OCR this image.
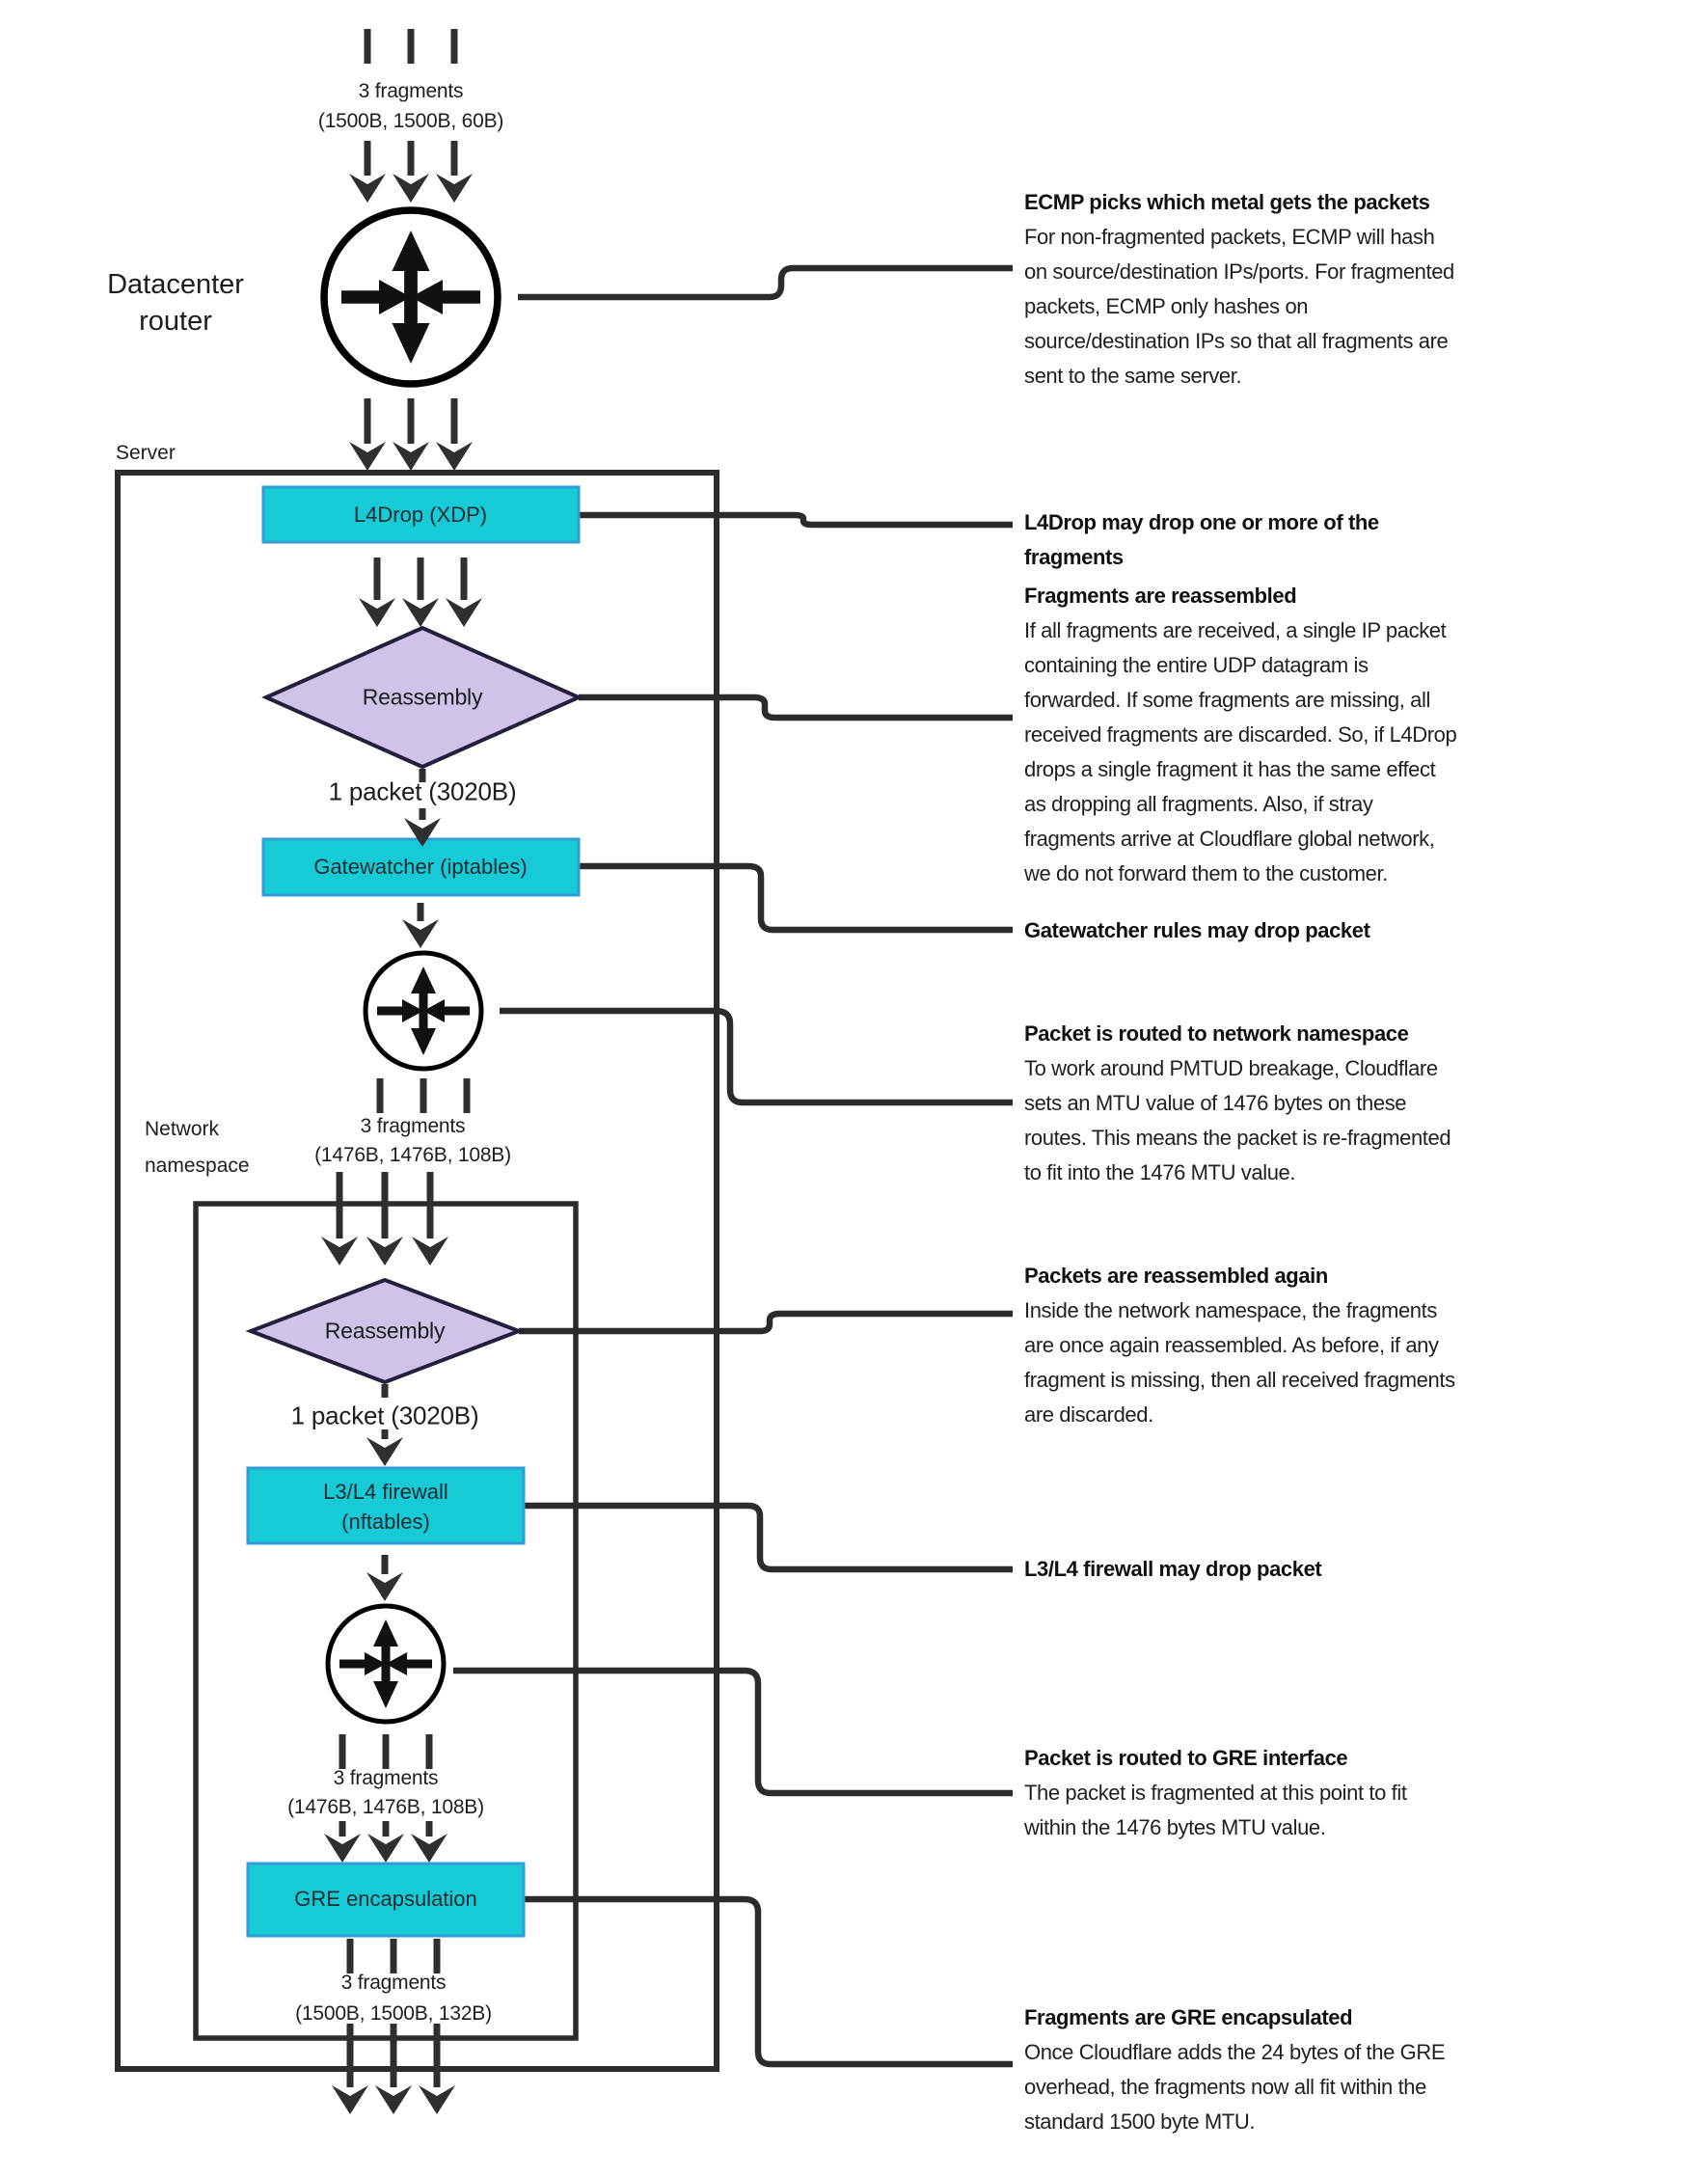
3 fragments
(1500B, 1500B, 60B)
Datacenter router
Server
L4Drop (XDP)
Reassembly
1 packet (3020B)
Gatewatcher (iptables)
3 fragments
(1476B, 1476B, 108B)
Network namespace
Reassembly
1 packet (3020B)
L3/L4 firewall (nftables)
3 fragments
(1476B, 1476B, 108B)
GRE encapsulation
3 fragments
(1500B, 1500B, 132B)
ECMP picks which metal gets the packets
For non-fragmented packets, ECMP will hash on source/destination IPs/ports. For fragmented packets, ECMP only hashes on source/destination IPs so that all fragments are sent to the same server.
L4Drop may drop one or more of the fragments
Fragments are reassembled
If all fragments are received, a single IP packet containing the entire UDP datagram is forwarded. If some fragments are missing, all received fragments are discarded. So, if L4Drop drops a single fragment it has the same effect as dropping all fragments. Also, if stray fragments arrive at Cloudflare global network, we do not forward them to the customer.
Gatewatcher rules may drop packet
Packet is routed to network namespace
To work around PMTUD breakage, Cloudflare sets an MTU value of 1476 bytes on these routes. This means the packet is re-fragmented to fit into the 1476 MTU value.
Packets are reassembled again
Inside the network namespace, the fragments are once again reassembled. As before, if any fragment is missing, then all received fragments are discarded.
L3/L4 firewall may drop packet
Packet is routed to GRE interface
The packet is fragmented at this point to fit within the 1476 bytes MTU value.
Fragments are GRE encapsulated
Once Cloudflare adds the 24 bytes of the GRE overhead, the fragments now all fit within the standard 1500 byte MTU.
